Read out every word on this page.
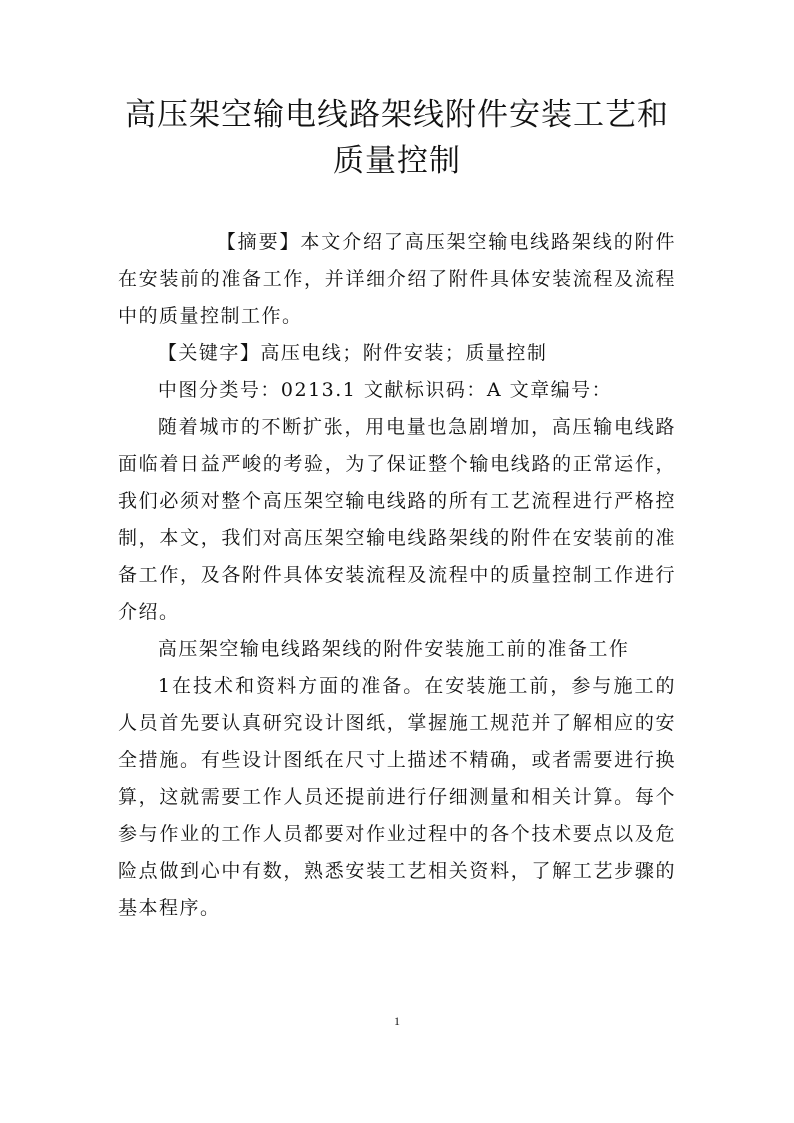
高压架空输电线路架线附件安装工艺和质量控制

【摘要】本文介绍了高压架空输电线路架线的附件在安装前的准备工作，并详细介绍了附件具体安装流程及流程中的质量控制工作。

【关键字】高压电线；附件安装；质量控制

中图分类号：0213.1 文献标识码：A 文章编号：

随着城市的不断扩张，用电量也急剧增加，高压输电线路面临着日益严峻的考验，为了保证整个输电线路的正常运作，我们必须对整个高压架空输电线路的所有工艺流程进行严格控制，本文，我们对高压架空输电线路架线的附件在安装前的准备工作，及各附件具体安装流程及流程中的质量控制工作进行介绍。

高压架空输电线路架线的附件安装施工前的准备工作

1在技术和资料方面的准备。在安装施工前，参与施工的人员首先要认真研究设计图纸，掌握施工规范并了解相应的安全措施。有些设计图纸在尺寸上描述不精确，或者需要进行换算，这就需要工作人员还提前进行仔细测量和相关计算。每个参与作业的工作人员都要对作业过程中的各个技术要点以及危险点做到心中有数，熟悉安装工艺相关资料，了解工艺步骤的基本程序。

1
